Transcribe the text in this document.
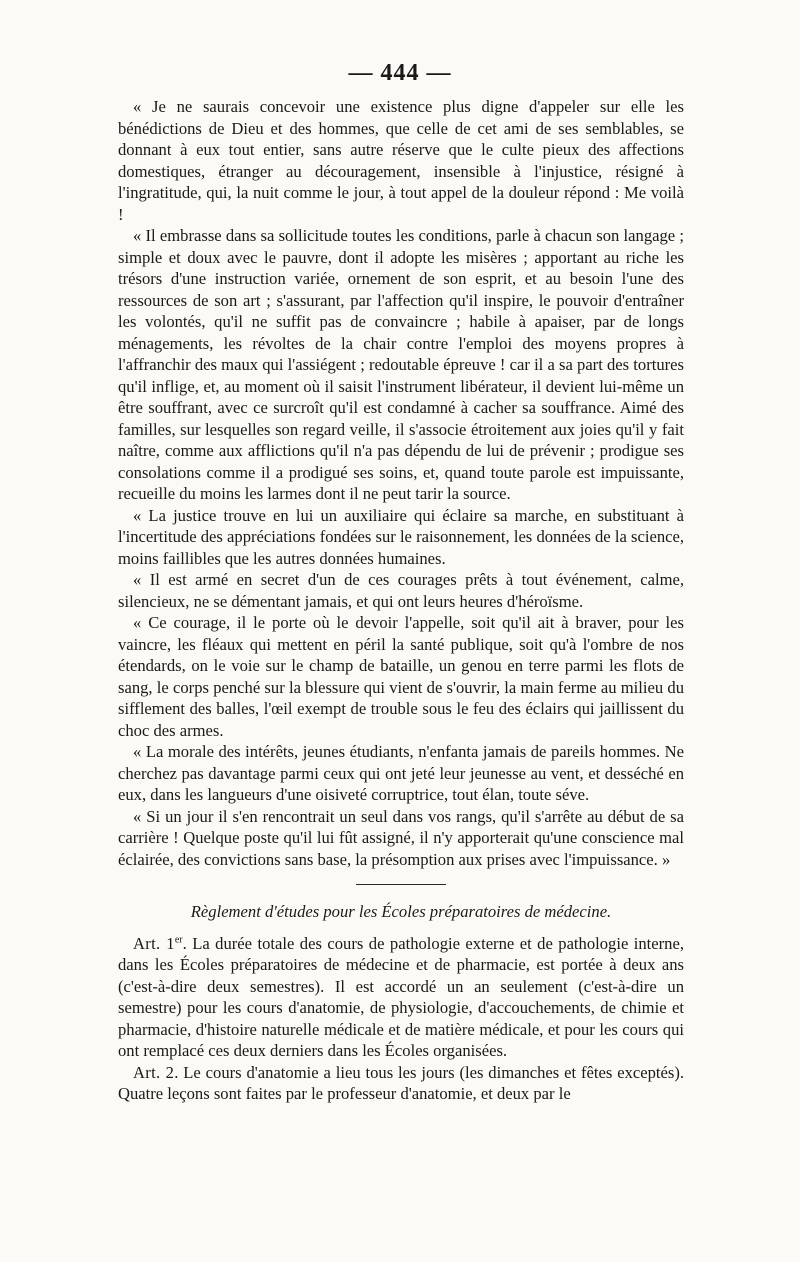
— 444 —

« Je ne saurais concevoir une existence plus digne d'appeler sur elle les bénédictions de Dieu et des hommes, que celle de cet ami de ses semblables, se donnant à eux tout entier, sans autre réserve que le culte pieux des affections domestiques, étranger au découragement, insensible à l'injustice, résigné à l'ingratitude, qui, la nuit comme le jour, à tout appel de la douleur répond : Me voilà !

« Il embrasse dans sa sollicitude toutes les conditions, parle à chacun son langage ; simple et doux avec le pauvre, dont il adopte les misères ; apportant au riche les trésors d'une instruction variée, ornement de son esprit, et au besoin l'une des ressources de son art ; s'assurant, par l'affection qu'il inspire, le pouvoir d'entraîner les volontés, qu'il ne suffit pas de convaincre ; habile à apaiser, par de longs ménagements, les révoltes de la chair contre l'emploi des moyens propres à l'affranchir des maux qui l'assiégent ; redoutable épreuve ! car il a sa part des tortures qu'il inflige, et, au moment où il saisit l'instrument libérateur, il devient lui-même un être souffrant, avec ce surcroît qu'il est condamné à cacher sa souffrance. Aimé des familles, sur lesquelles son regard veille, il s'associe étroitement aux joies qu'il y fait naître, comme aux afflictions qu'il n'a pas dépendu de lui de prévenir ; prodigue ses consolations comme il a prodigué ses soins, et, quand toute parole est impuissante, recueille du moins les larmes dont il ne peut tarir la source.

« La justice trouve en lui un auxiliaire qui éclaire sa marche, en substituant à l'incertitude des appréciations fondées sur le raisonnement, les données de la science, moins faillibles que les autres données humaines.

« Il est armé en secret d'un de ces courages prêts à tout événement, calme, silencieux, ne se démentant jamais, et qui ont leurs heures d'héroïsme.

« Ce courage, il le porte où le devoir l'appelle, soit qu'il ait à braver, pour les vaincre, les fléaux qui mettent en péril la santé publique, soit qu'à l'ombre de nos étendards, on le voie sur le champ de bataille, un genou en terre parmi les flots de sang, le corps penché sur la blessure qui vient de s'ouvrir, la main ferme au milieu du sifflement des balles, l'œil exempt de trouble sous le feu des éclairs qui jaillissent du choc des armes.

« La morale des intérêts, jeunes étudiants, n'enfanta jamais de pareils hommes. Ne cherchez pas davantage parmi ceux qui ont jeté leur jeunesse au vent, et desséché en eux, dans les langueurs d'une oisiveté corruptrice, tout élan, toute séve.

« Si un jour il s'en rencontrait un seul dans vos rangs, qu'il s'arrête au début de sa carrière ! Quelque poste qu'il lui fût assigné, il n'y apporterait qu'une conscience mal éclairée, des convictions sans base, la présomption aux prises avec l'impuissance. »

Règlement d'études pour les Écoles préparatoires de médecine.

Art. 1er. La durée totale des cours de pathologie externe et de pathologie interne, dans les Écoles préparatoires de médecine et de pharmacie, est portée à deux ans (c'est-à-dire deux semestres). Il est accordé un an seulement (c'est-à-dire un semestre) pour les cours d'anatomie, de physiologie, d'accouchements, de chimie et pharmacie, d'histoire naturelle médicale et de matière médicale, et pour les cours qui ont remplacé ces deux derniers dans les Écoles organisées.

Art. 2. Le cours d'anatomie a lieu tous les jours (les dimanches et fêtes exceptés). Quatre leçons sont faites par le professeur d'anatomie, et deux par le
